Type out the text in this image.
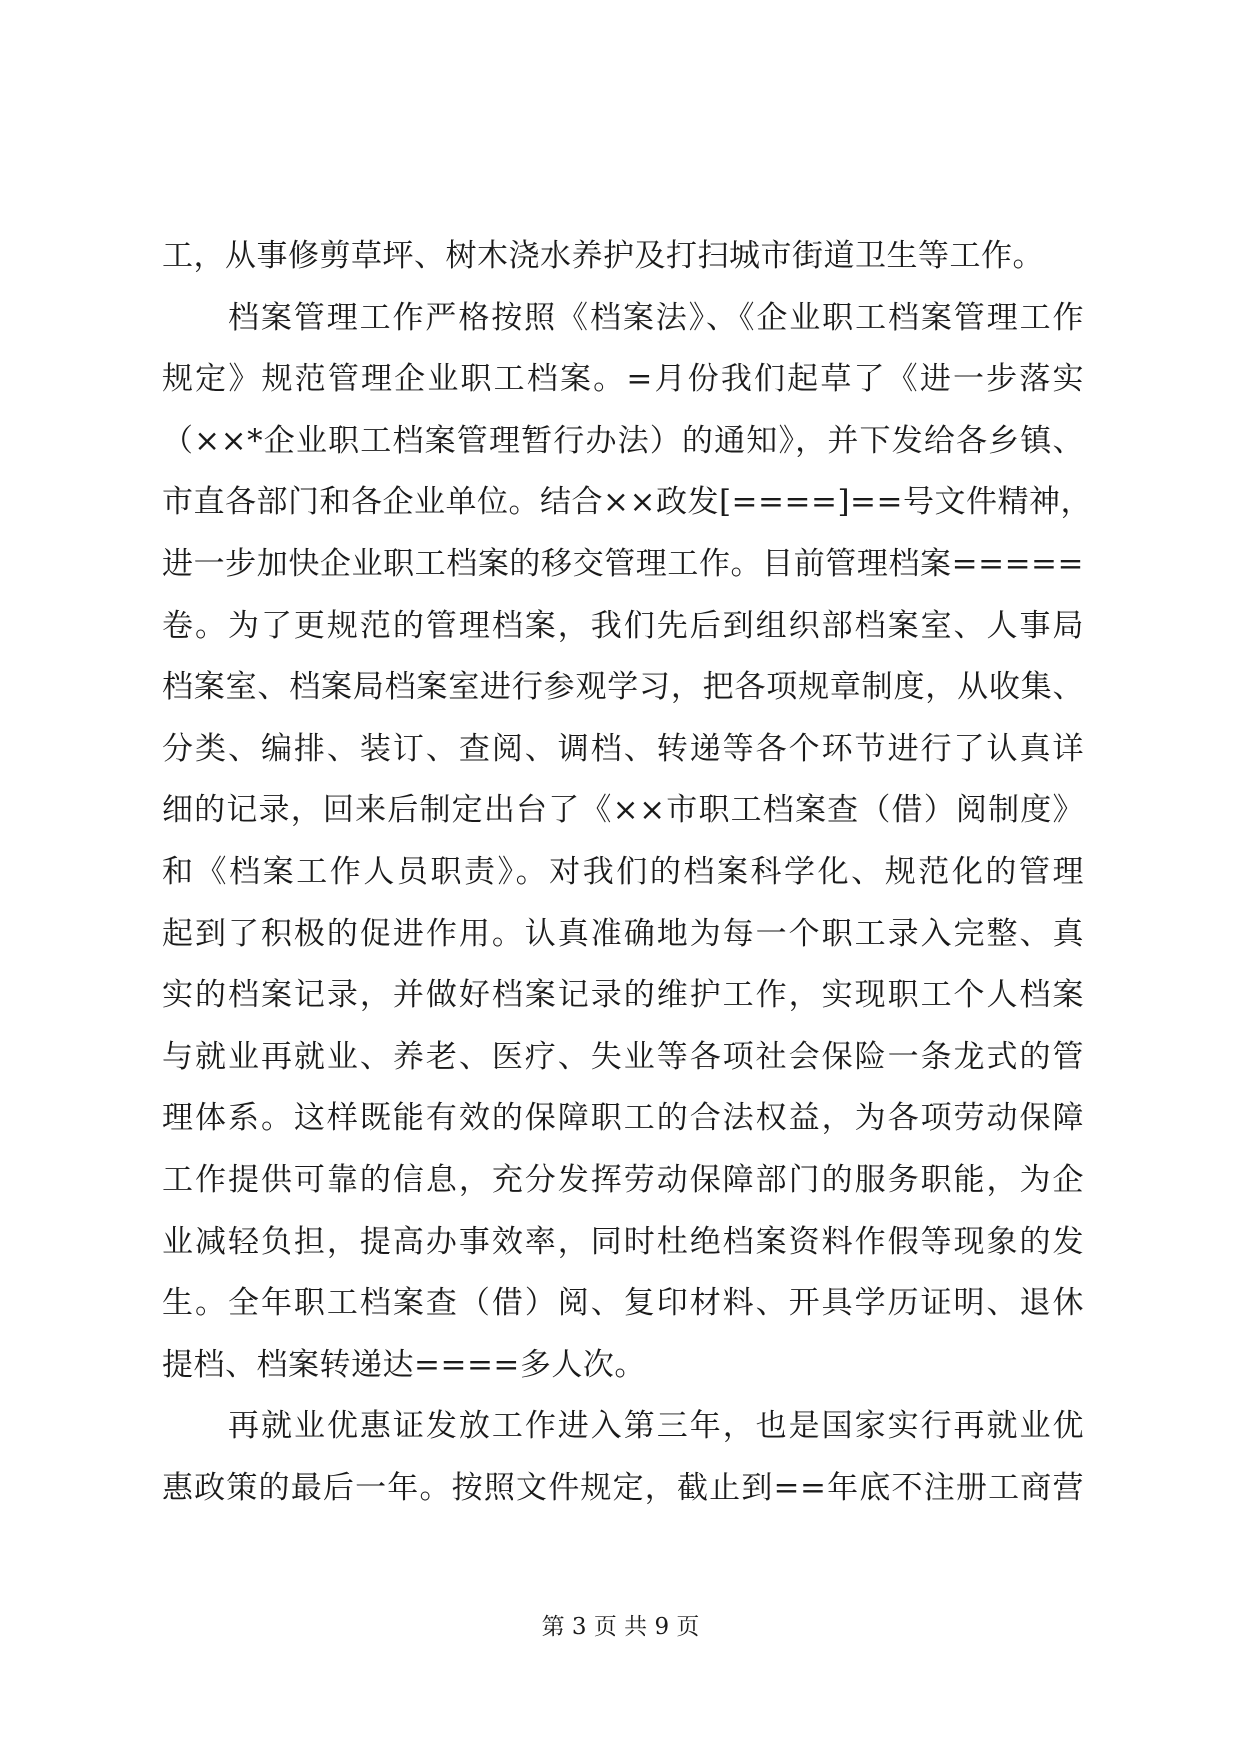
工，从事修剪草坪、树木浇水养护及打扫城市街道卫生等工作。
档案管理工作严格按照《档案法》、《企业职工档案管理工作
规定》规范管理企业职工档案。=月份我们起草了《进一步落实
（××*企业职工档案管理暂行办法）的通知》，并下发给各乡镇、
市直各部门和各企业单位。结合××政发[====]==号文件精神，
进一步加快企业职工档案的移交管理工作。目前管理档案=====
卷。为了更规范的管理档案，我们先后到组织部档案室、人事局
档案室、档案局档案室进行参观学习，把各项规章制度，从收集、
分类、编排、装订、查阅、调档、转递等各个环节进行了认真详
细的记录，回来后制定出台了《××市职工档案查（借）阅制度》
和《档案工作人员职责》。对我们的档案科学化、规范化的管理
起到了积极的促进作用。认真准确地为每一个职工录入完整、真
实的档案记录，并做好档案记录的维护工作，实现职工个人档案
与就业再就业、养老、医疗、失业等各项社会保险一条龙式的管
理体系。这样既能有效的保障职工的合法权益，为各项劳动保障
工作提供可靠的信息，充分发挥劳动保障部门的服务职能，为企
业减轻负担，提高办事效率，同时杜绝档案资料作假等现象的发
生。全年职工档案查（借）阅、复印材料、开具学历证明、退休
提档、档案转递达====多人次。
再就业优惠证发放工作进入第三年，也是国家实行再就业优
惠政策的最后一年。按照文件规定，截止到==年底不注册工商营
第 3 页 共 9 页
